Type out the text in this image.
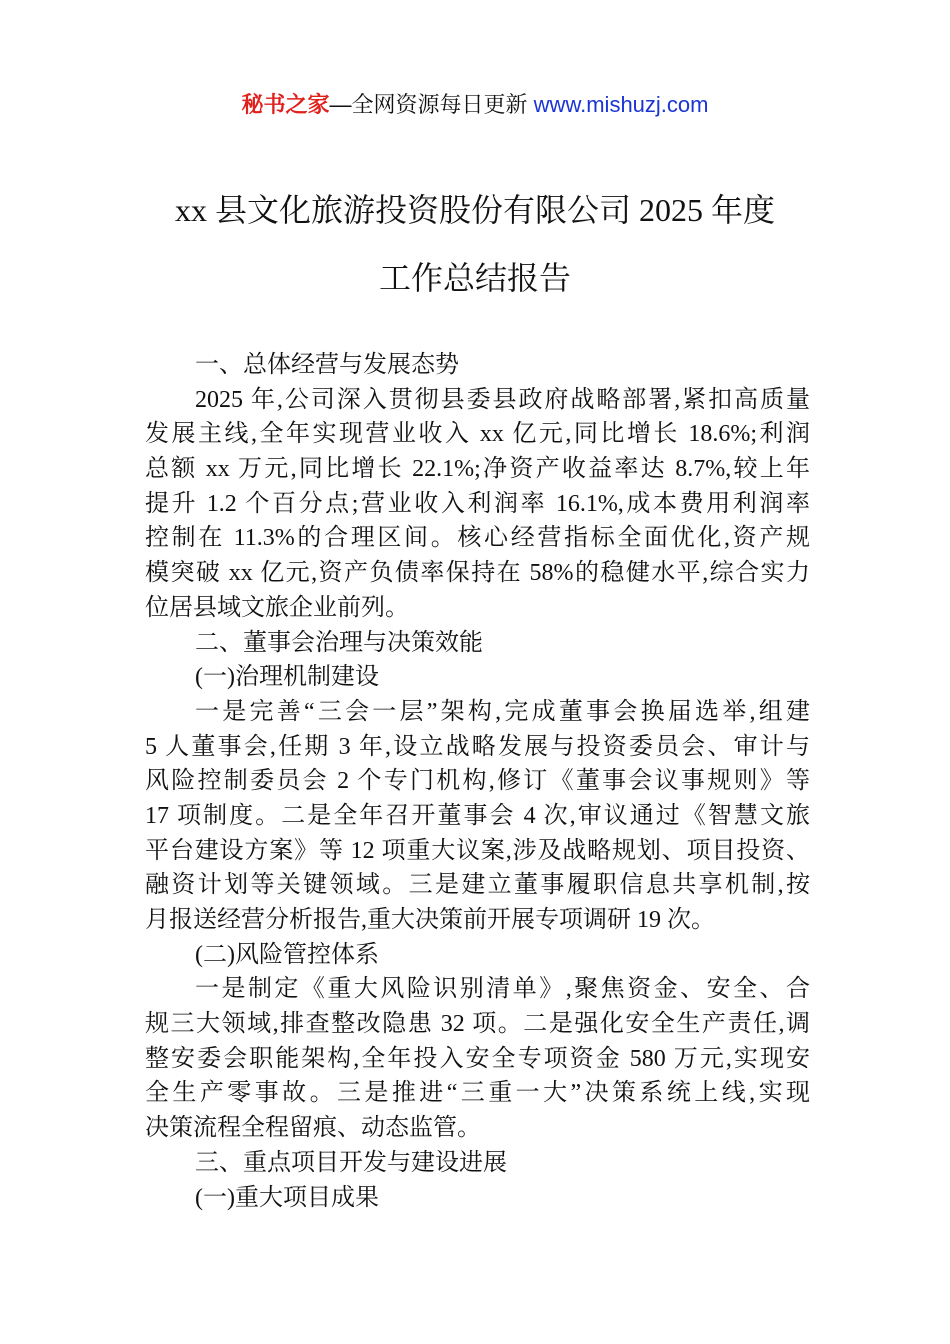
秘书之家—全网资源每日更新 www.mishuzj.com
xx 县文化旅游投资股份有限公司 2025 年度
工作总结报告
一、总体经营与发展态势
2025 年,公司深入贯彻县委县政府战略部署,紧扣高质量
发展主线,全年实现营业收入 xx 亿元,同比增长 18.6%;利润
总额 xx 万元,同比增长 22.1%;净资产收益率达 8.7%,较上年
提升 1.2 个百分点;营业收入利润率 16.1%,成本费用利润率
控制在 11.3%的合理区间。核心经营指标全面优化,资产规
模突破 xx 亿元,资产负债率保持在 58%的稳健水平,综合实力
位居县域文旅企业前列。
二、董事会治理与决策效能
(一)治理机制建设
一是完善“三会一层”架构,完成董事会换届选举,组建
5 人董事会,任期 3 年,设立战略发展与投资委员会、审计与
风险控制委员会 2 个专门机构,修订《董事会议事规则》等
17 项制度。二是全年召开董事会 4 次,审议通过《智慧文旅
平台建设方案》等 12 项重大议案,涉及战略规划、项目投资、
融资计划等关键领域。三是建立董事履职信息共享机制,按
月报送经营分析报告,重大决策前开展专项调研 19 次。
(二)风险管控体系
一是制定《重大风险识别清单》,聚焦资金、安全、合
规三大领域,排查整改隐患 32 项。二是强化安全生产责任,调
整安委会职能架构,全年投入安全专项资金 580 万元,实现安
全生产零事故。三是推进“三重一大”决策系统上线,实现
决策流程全程留痕、动态监管。
三、重点项目开发与建设进展
(一)重大项目成果
